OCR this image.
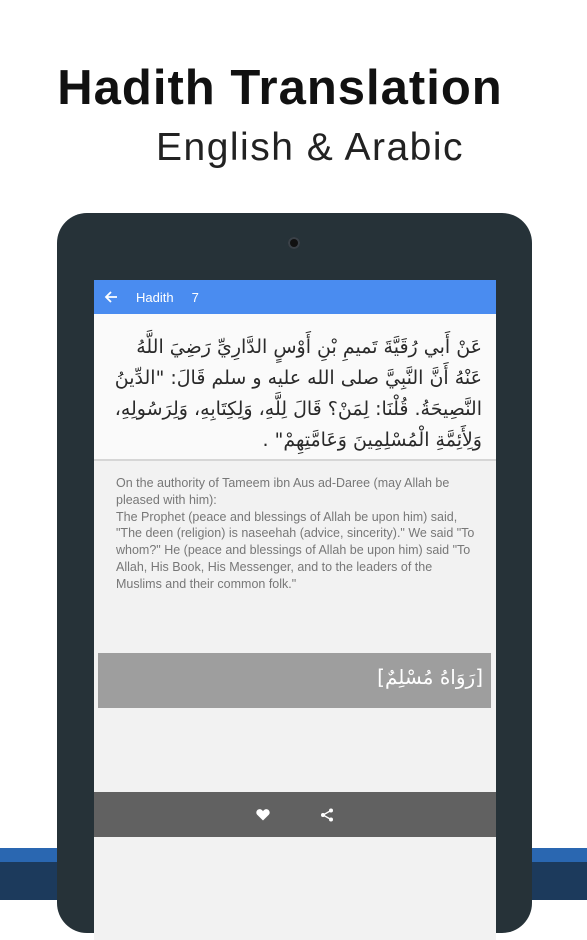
Hadith Translation
English & Arabic
Hadith 7
عَنْ أَبي رُقَيَّةَ تَميمِ بْنِ أَوْسٍ الدَّارِيِّ رَضِيَ اللَّهُ عَنْهُ أَنَّ النَّبِيَّ صلى الله عليه و سلم قَالَ: "الدِّينُ النَّصِيحَةُ. قُلْنَا: لِمَنْ؟ قَالَ لِلَّهِ، وَلِكِتَابِهِ، وَلِرَسُولِهِ، وَلِأَئِمَّةِ الْمُسْلِمِينَ وَعَامَّتِهِمْ" .
On the authority of Tameem ibn Aus ad-Daree (may Allah be pleased with him):
The Prophet (peace and blessings of Allah be upon him) said, "The deen (religion) is naseehah (advice, sincerity)." We said "To whom?" He (peace and blessings of Allah be upon him) said "To Allah, His Book, His Messenger, and to the leaders of the Muslims and their common folk."
[رَوَاهُ مُسْلِمٌ]
